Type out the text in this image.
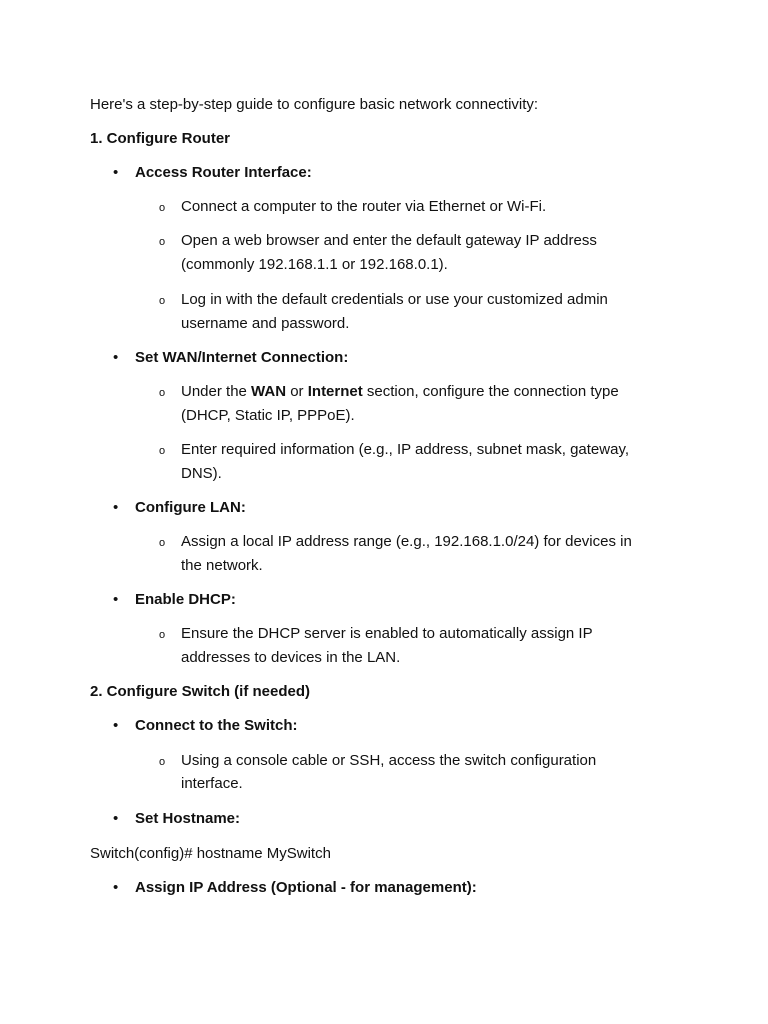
Here's a step-by-step guide to configure basic network connectivity:
1. Configure Router
• Access Router Interface:
o Connect a computer to the router via Ethernet or Wi-Fi.
o Open a web browser and enter the default gateway IP address
(commonly 192.168.1.1 or 192.168.0.1).
o Log in with the default credentials or use your customized admin
username and password.
• Set WAN/Internet Connection:
o Under the WAN or Internet section, configure the connection type
(DHCP, Static IP, PPPoE).
o Enter required information (e.g., IP address, subnet mask, gateway,
DNS).
• Configure LAN:
o Assign a local IP address range (e.g., 192.168.1.0/24) for devices in
the network.
• Enable DHCP:
o Ensure the DHCP server is enabled to automatically assign IP
addresses to devices in the LAN.
2. Configure Switch (if needed)
• Connect to the Switch:
o Using a console cable or SSH, access the switch configuration
interface.
• Set Hostname:
Switch(config)# hostname MySwitch
• Assign IP Address (Optional - for management):
